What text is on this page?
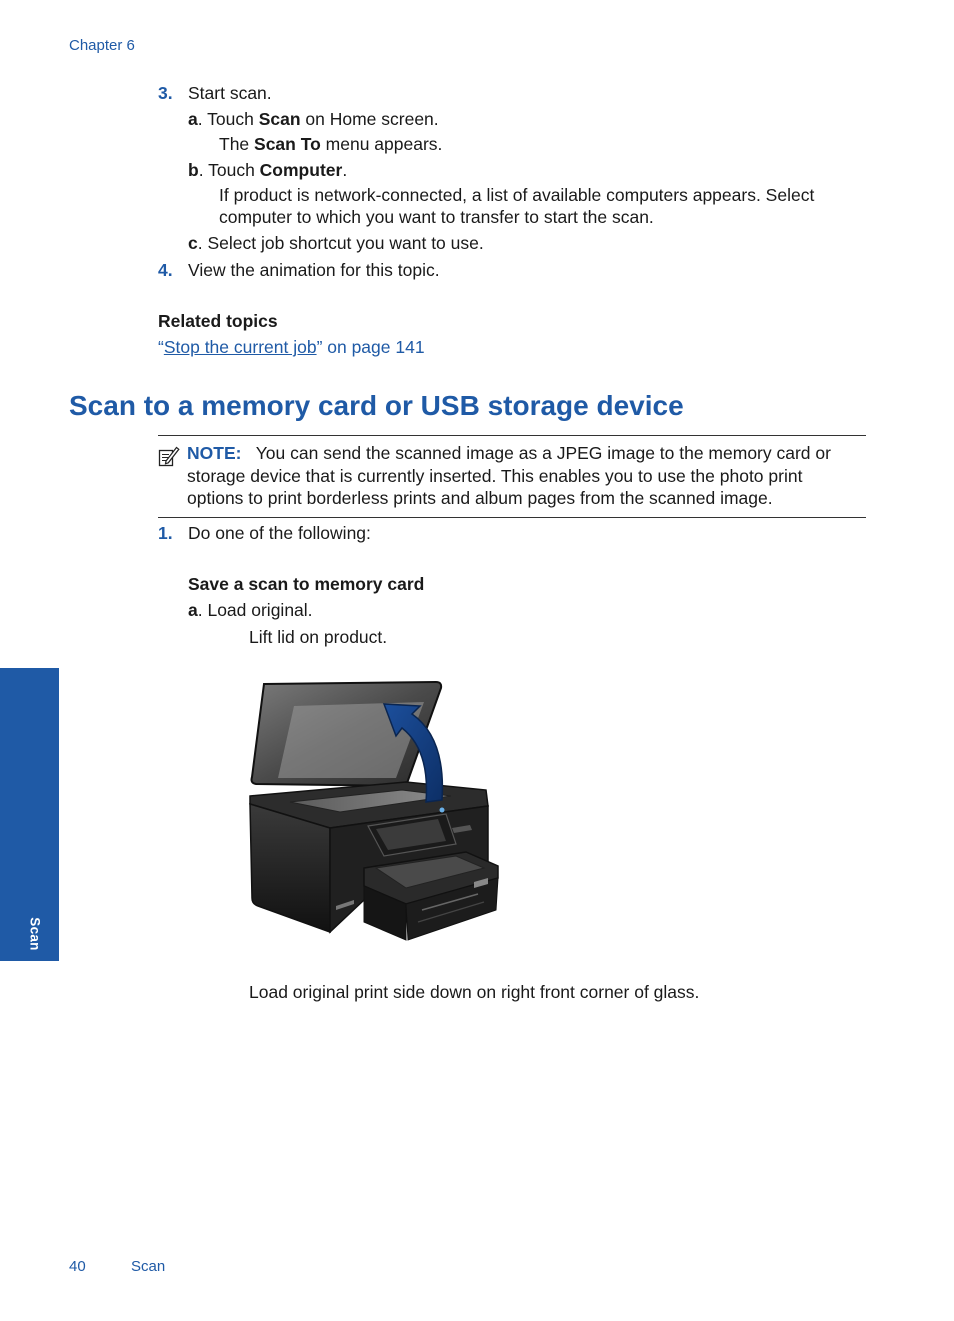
Chapter 6
3. Start scan.
a. Touch Scan on Home screen.
The Scan To menu appears.
b. Touch Computer.
If product is network-connected, a list of available computers appears. Select
computer to which you want to transfer to start the scan.
c. Select job shortcut you want to use.
4. View the animation for this topic.
Related topics
“Stop the current job” on page 141
Scan to a memory card or USB storage device
NOTE: You can send the scanned image as a JPEG image to the memory card or
storage device that is currently inserted. This enables you to use the photo print
options to print borderless prints and album pages from the scanned image.
1. Do one of the following:
Save a scan to memory card
a. Load original.
Lift lid on product.
Load original print side down on right front corner of glass.
Scan
40	Scan
